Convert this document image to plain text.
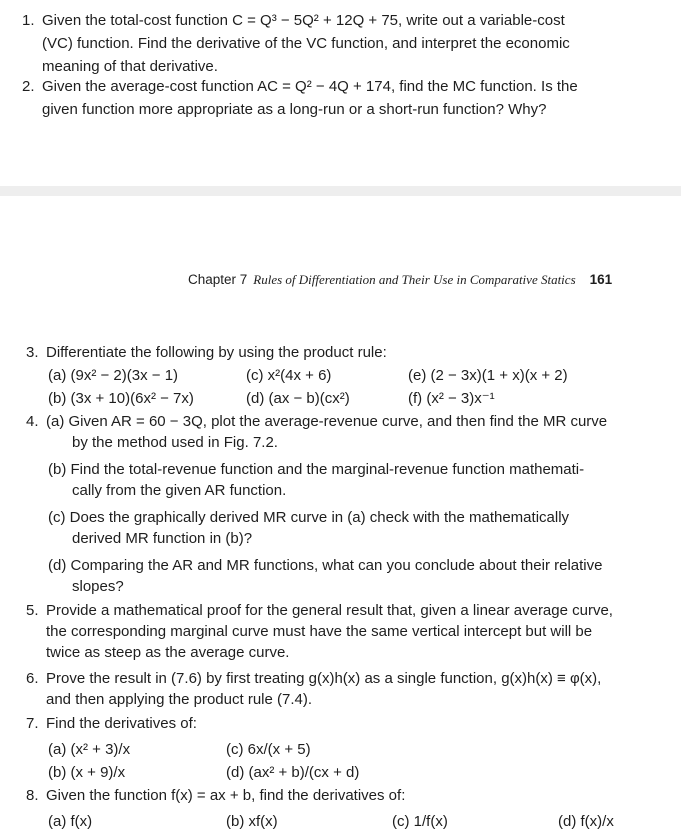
1. Given the total-cost function C = Q³ − 5Q² + 12Q + 75, write out a variable-cost
(VC) function. Find the derivative of the VC function, and interpret the economic
meaning of that derivative.
2. Given the average-cost function AC = Q² − 4Q + 174, find the MC function. Is the
given function more appropriate as a long-run or a short-run function? Why?
Chapter 7 Rules of Differentiation and Their Use in Comparative Statics 161
3. Differentiate the following by using the product rule:
(a) (9x² − 2)(3x − 1)	(c) x²(4x + 6)	(e) (2 − 3x)(1 + x)(x + 2)
(b) (3x + 10)(6x² − 7x)	(d) (ax − b)(cx²)	(f) (x² − 3)x⁻¹
4. (a) Given AR = 60 − 3Q, plot the average-revenue curve, and then find the MR curve
by the method used in Fig. 7.2.
(b) Find the total-revenue function and the marginal-revenue function mathemati-
cally from the given AR function.
(c) Does the graphically derived MR curve in (a) check with the mathematically
derived MR function in (b)?
(d) Comparing the AR and MR functions, what can you conclude about their relative
slopes?
5. Provide a mathematical proof for the general result that, given a linear average curve,
the corresponding marginal curve must have the same vertical intercept but will be
twice as steep as the average curve.
6. Prove the result in (7.6) by first treating g(x)h(x) as a single function, g(x)h(x) ≡ φ(x),
and then applying the product rule (7.4).
7. Find the derivatives of:
(a) (x² + 3)/x	(c) 6x/(x + 5)
(b) (x + 9)/x	(d) (ax² + b)/(cx + d)
8. Given the function f(x) = ax + b, find the derivatives of:
(a) f(x)	(b) xf(x)	(c) 1/f(x)	(d) f(x)/x
